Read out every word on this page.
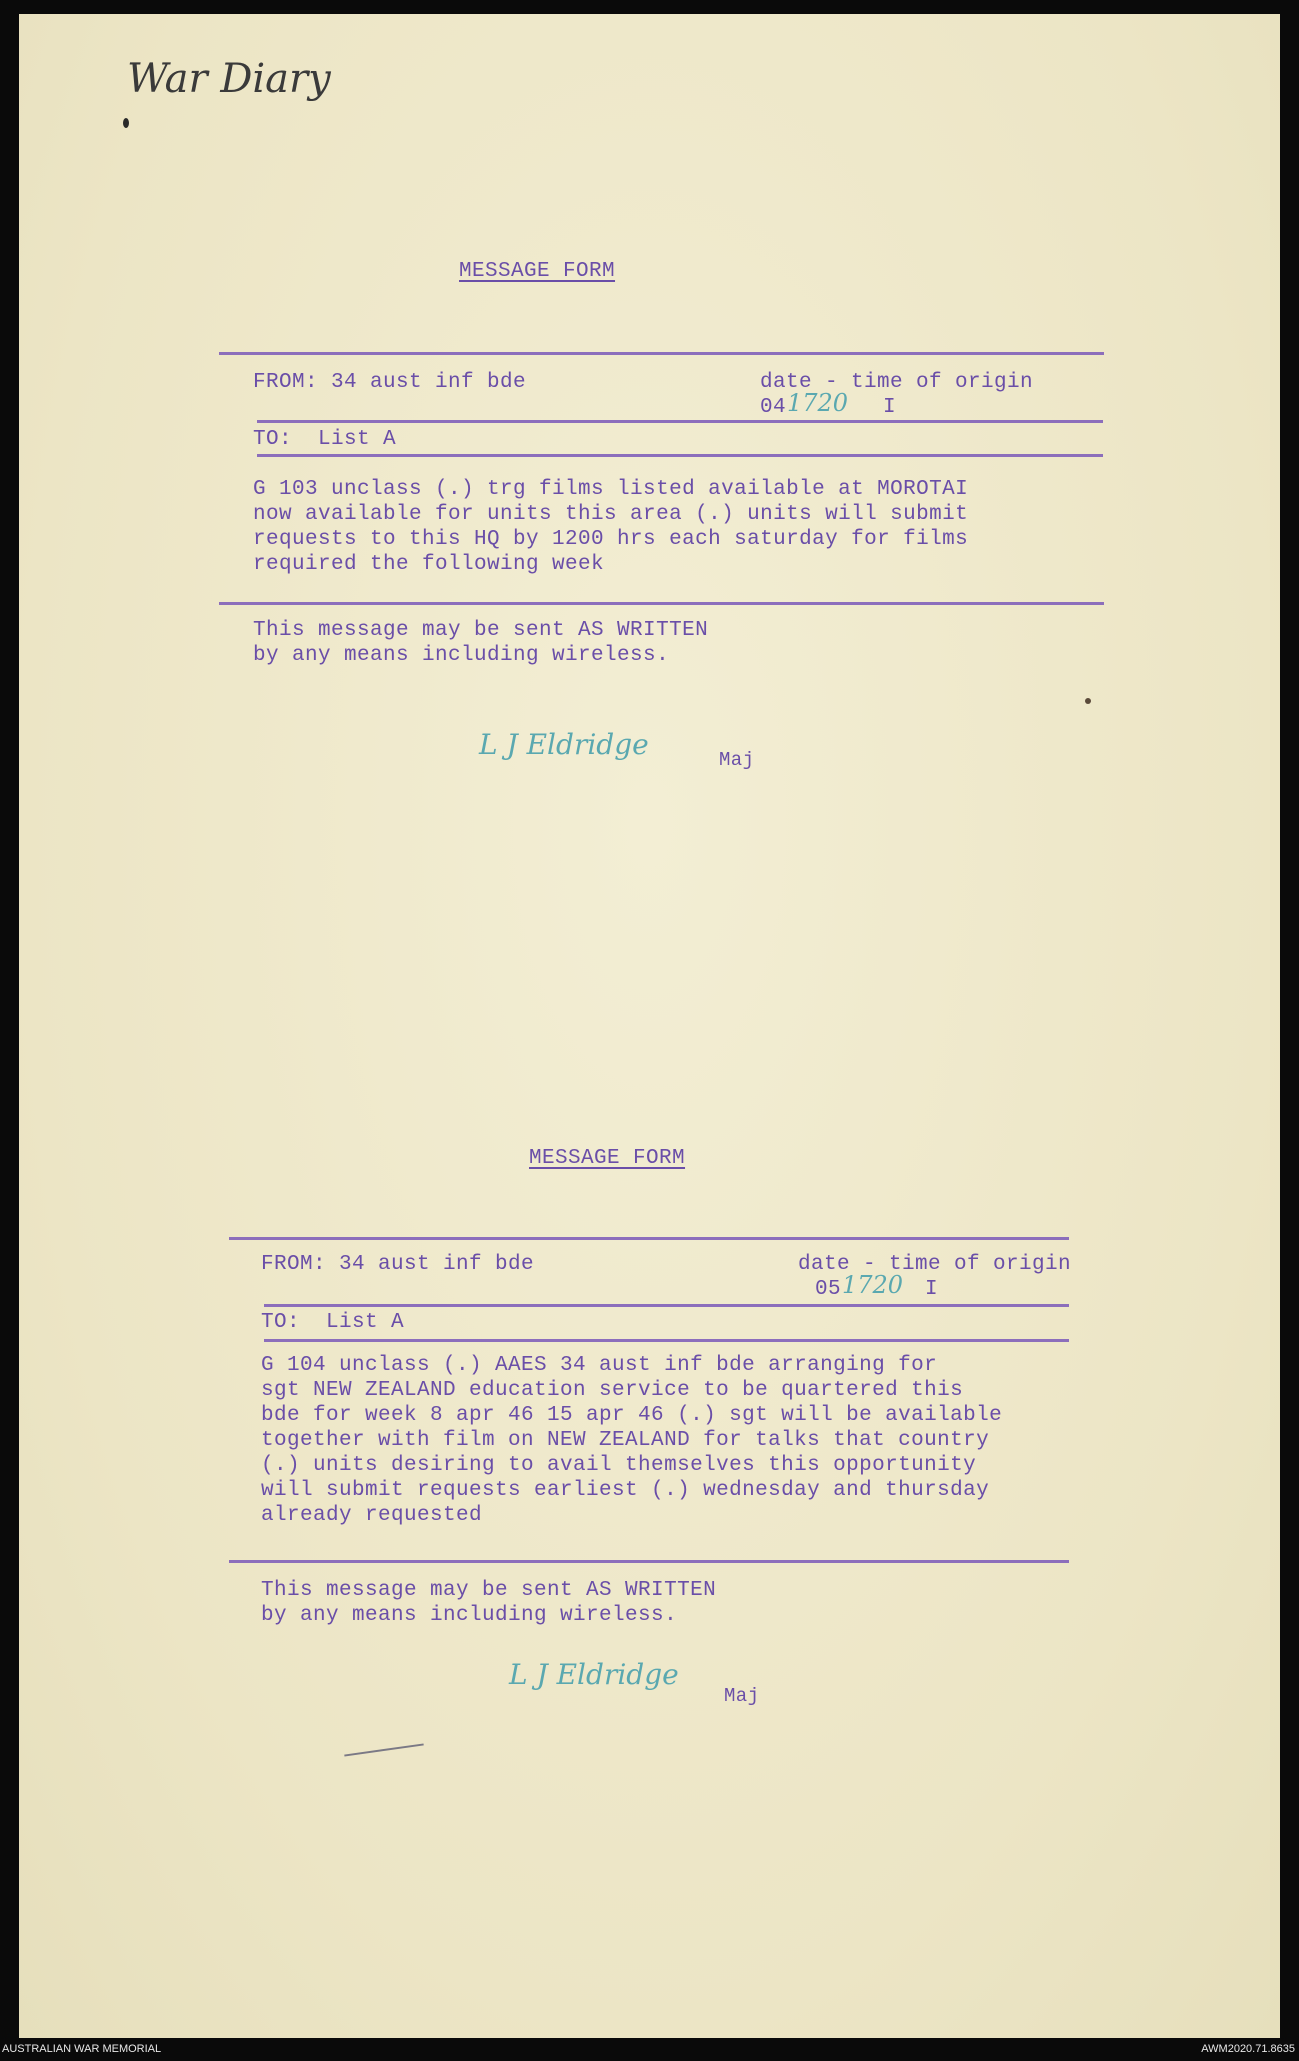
War Diary
MESSAGE FORM
FROM: 34 aust inf bde	date - time of origin
04 1720 I
TO:  List A
G 103 unclass (.) trg films listed available at MOROTAI
now available for units this area (.) units will submit
requests to this HQ by 1200 hrs each saturday for films
required the following week
This message may be sent AS WRITTEN
by any means including wireless.
L J Eldridge	Maj
MESSAGE FORM
FROM: 34 aust inf bde	date - time of origin
05 1720 I
TO:  List A
G 104 unclass (.) AAES 34 aust inf bde arranging for
sgt NEW ZEALAND education service to be quartered this
bde for week 8 apr 46 15 apr 46 (.) sgt will be available
together with film on NEW ZEALAND for talks that country
(.) units desiring to avail themselves this opportunity
will submit requests earliest (.) wednesday and thursday
already requested
This message may be sent AS WRITTEN
by any means including wireless.
L J Eldridge
Maj
AUSTRALIAN WAR MEMORIAL	AWM2020.71.8635
